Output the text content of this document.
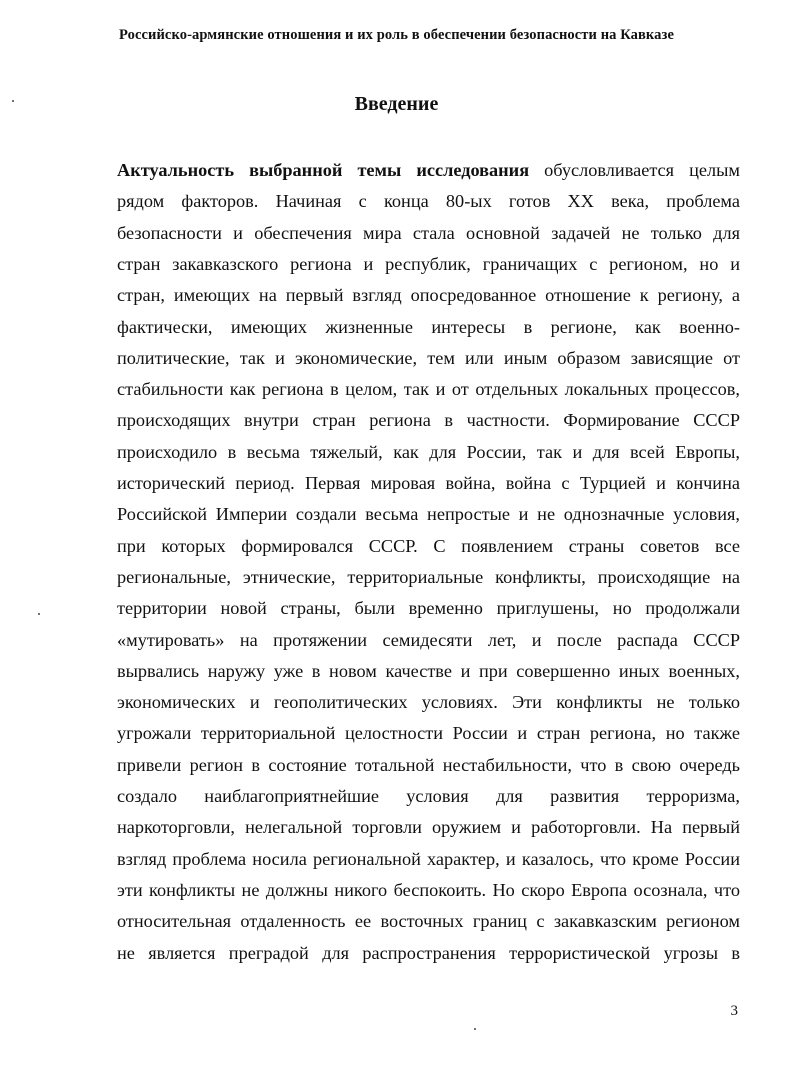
Российско-армянские отношения и их роль в обеспечении безопасности на Кавказе
Введение
Актуальность выбранной темы исследования обусловливается целым
рядом факторов. Начиная с конца 80-ых готов XX века, проблема
безопасности и обеспечения мира стала основной задачей не только для
стран закавказского региона и республик, граничащих с регионом, но и
стран, имеющих на первый взгляд опосредованное отношение к региону, а
фактически, имеющих жизненные интересы в регионе, как военно-
политические, так и экономические, тем или иным образом зависящие от
стабильности как региона в целом, так и от отдельных локальных процессов,
происходящих внутри стран региона в частности. Формирование СССР
происходило в весьма тяжелый, как для России, так и для всей Европы,
исторический период. Первая мировая война, война с Турцией и кончина
Российской Империи создали весьма непростые и не однозначные условия,
при которых формировался СССР. С появлением страны советов все
региональные, этнические, территориальные конфликты, происходящие на
территории новой страны, были временно приглушены, но продолжали
«мутировать» на протяжении семидесяти лет, и после распада СССР
вырвались наружу уже в новом качестве и при совершенно иных военных,
экономических и геополитических условиях. Эти конфликты не только
угрожали территориальной целостности России и стран региона, но также
привели регион в состояние тотальной нестабильности, что в свою очередь
создало наиблагоприятнейшие условия для развития терроризма,
наркоторговли, нелегальной торговли оружием и работорговли. На первый
взгляд проблема носила региональной характер, и казалось, что кроме России
эти конфликты не должны никого беспокоить. Но скоро Европа осознала, что
относительная отдаленность ее восточных границ с закавказским регионом
не является преградой для распространения террористической угрозы в
3
